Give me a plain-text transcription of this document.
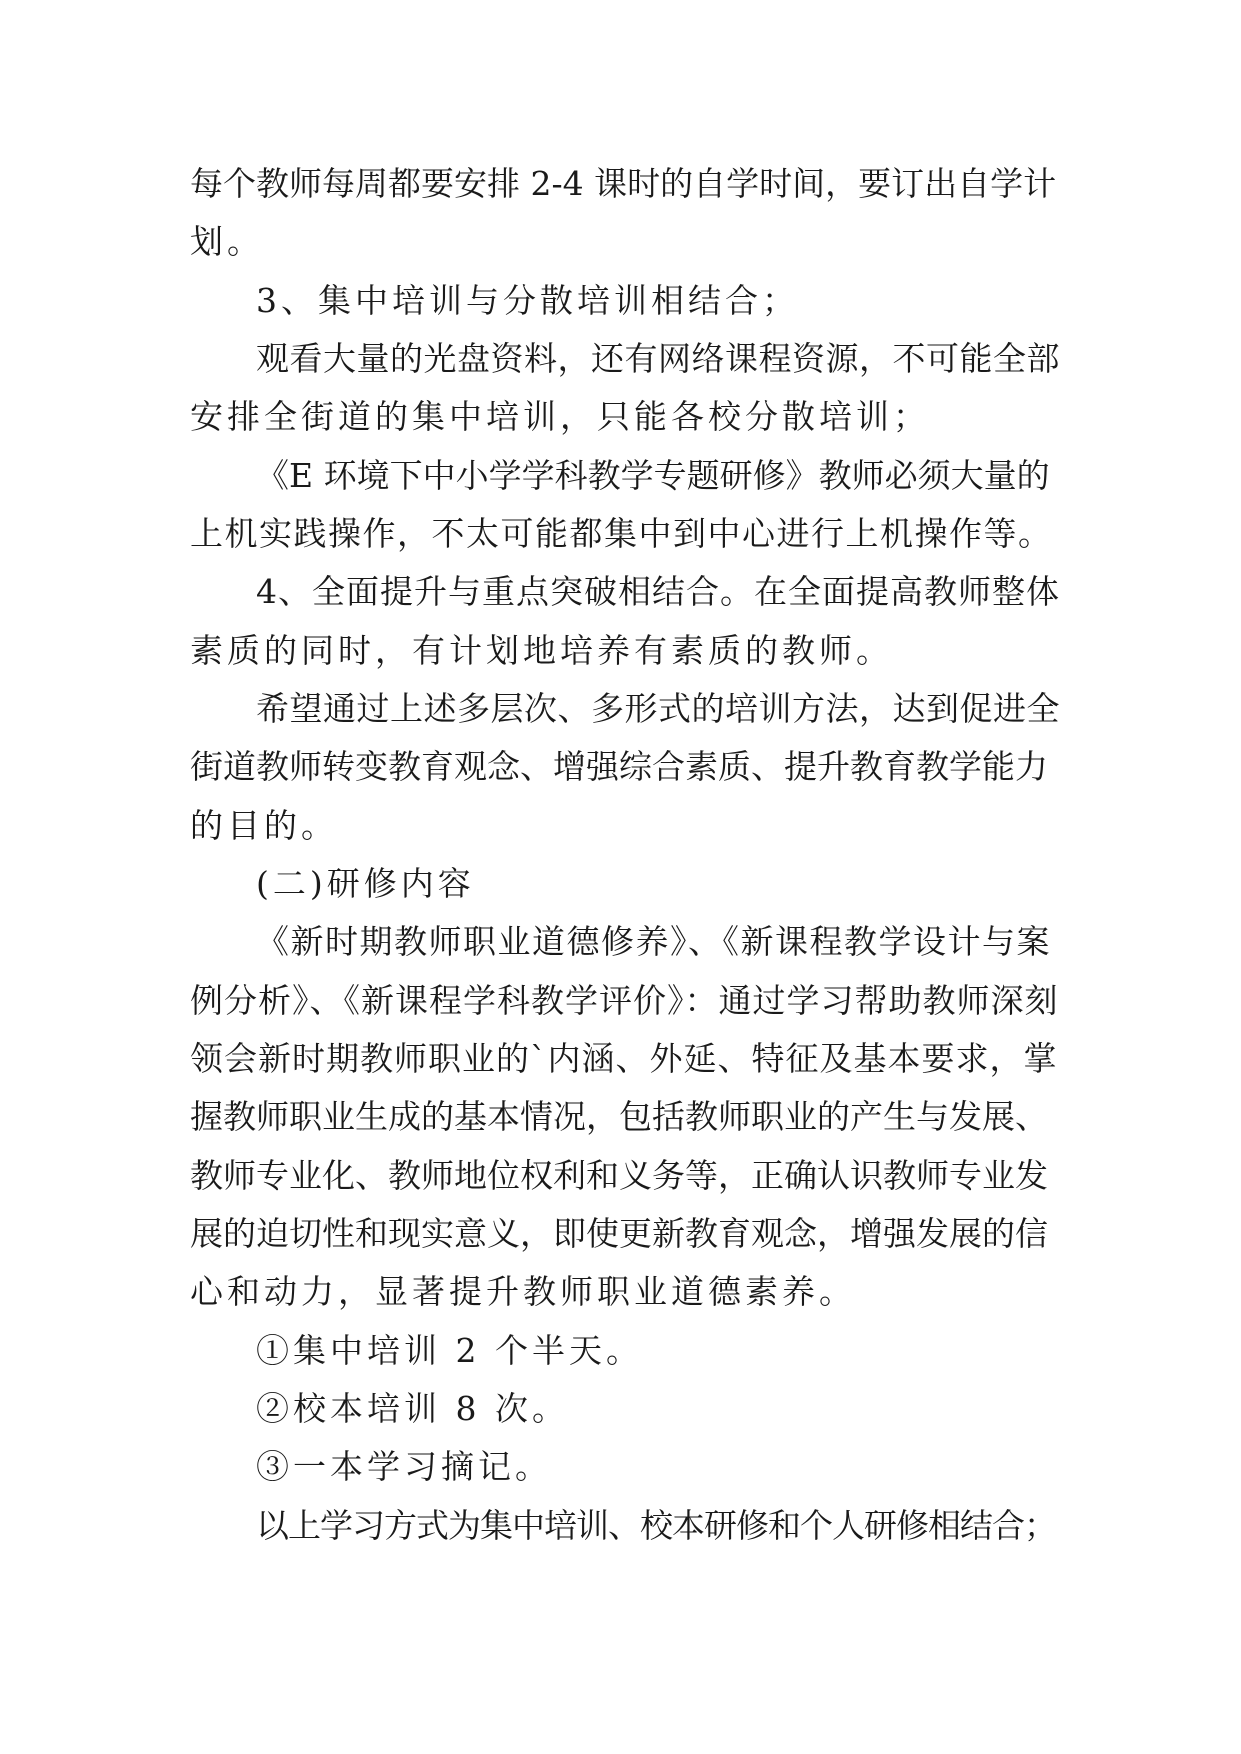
每个教师每周都要安排 2-4 课时的自学时间，要订出自学计
划。
3、集中培训与分散培训相结合；
观看大量的光盘资料，还有网络课程资源，不可能全部
安排全街道的集中培训，只能各校分散培训；
《E 环境下中小学学科教学专题研修》教师必须大量的
上机实践操作，不太可能都集中到中心进行上机操作等。
4、全面提升与重点突破相结合。在全面提高教师整体
素质的同时，有计划地培养有素质的教师。
希望通过上述多层次、多形式的培训方法，达到促进全
街道教师转变教育观念、增强综合素质、提升教育教学能力
的目的。
(二)研修内容
《新时期教师职业道德修养》、《新课程教学设计与案
例分析》、《新课程学科教学评价》：通过学习帮助教师深刻
领会新时期教师职业的`内涵、外延、特征及基本要求，掌
握教师职业生成的基本情况，包括教师职业的产生与发展、
教师专业化、教师地位权利和义务等，正确认识教师专业发
展的迫切性和现实意义，即使更新教育观念，增强发展的信
心和动力，显著提升教师职业道德素养。
①集中培训 2 个半天。
②校本培训 8 次。
③一本学习摘记。
以上学习方式为集中培训、校本研修和个人研修相结合；
